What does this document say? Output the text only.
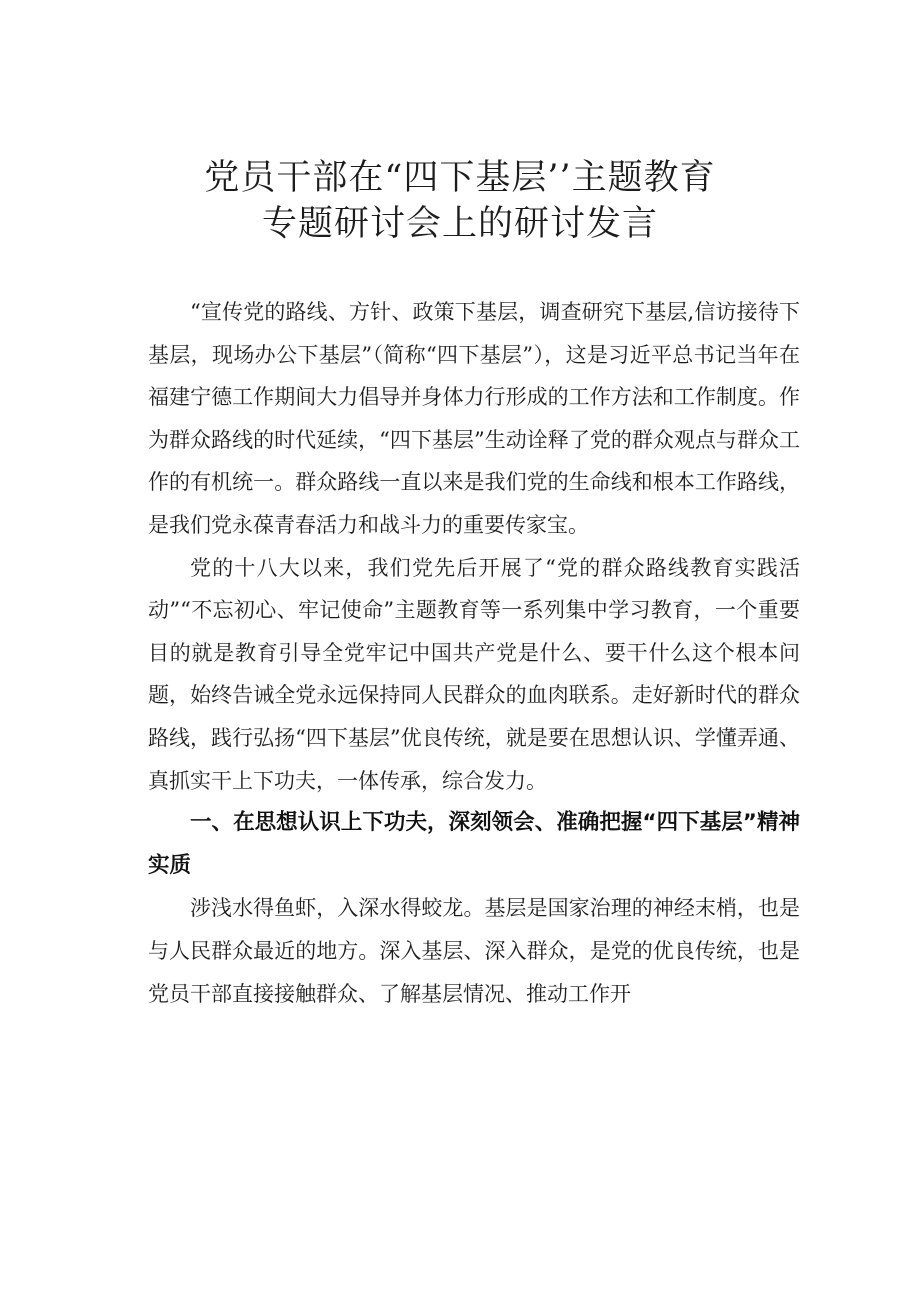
党员干部在“四下基层’’主题教育
专题研讨会上的研讨发言

“宣传党的路线、方针、政策下基层，调查研究下基层,信访接待下基层，现场办公下基层”（简称“四下基层”），这是习近平总书记当年在福建宁德工作期间大力倡导并身体力行形成的工作方法和工作制度。作为群众路线的时代延续，“四下基层”生动诠释了党的群众观点与群众工作的有机统一。群众路线一直以来是我们党的生命线和根本工作路线，是我们党永葆青春活力和战斗力的重要传家宝。

党的十八大以来，我们党先后开展了“党的群众路线教育实践活动”“不忘初心、牢记使命”主题教育等一系列集中学习教育，一个重要目的就是教育引导全党牢记中国共产党是什么、要干什么这个根本问题，始终告诫全党永远保持同人民群众的血肉联系。走好新时代的群众路线，践行弘扬“四下基层”优良传统，就是要在思想认识、学懂弄通、真抓实干上下功夫，一体传承，综合发力。

一、在思想认识上下功夫，深刻领会、准确把握“四下基层”精神实质

涉浅水得鱼虾，入深水得蛟龙。基层是国家治理的神经末梢，也是与人民群众最近的地方。深入基层、深入群众，是党的优良传统，也是党员干部直接接触群众、了解基层情况、推动工作开
